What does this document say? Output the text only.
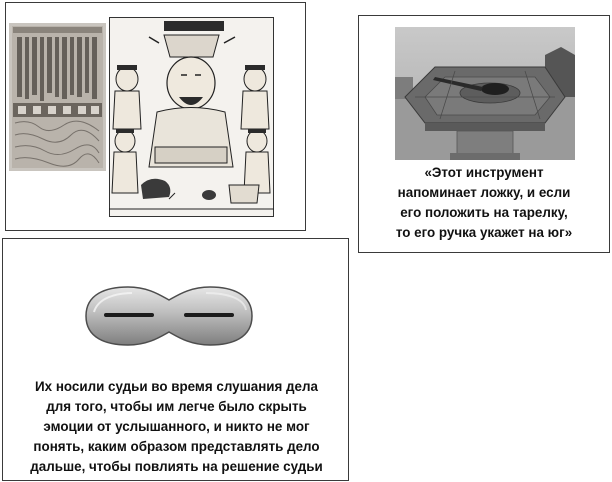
«Этот инструмент
напоминает ложку, и если
его положить на тарелку,
то его ручка укажет на юг»
Их носили судьи во время слушания дела
для того, чтобы им легче было скрыть
эмоции от услышанного, и никто не мог
понять, каким образом представлять дело
дальше, чтобы повлиять на решение судьи
